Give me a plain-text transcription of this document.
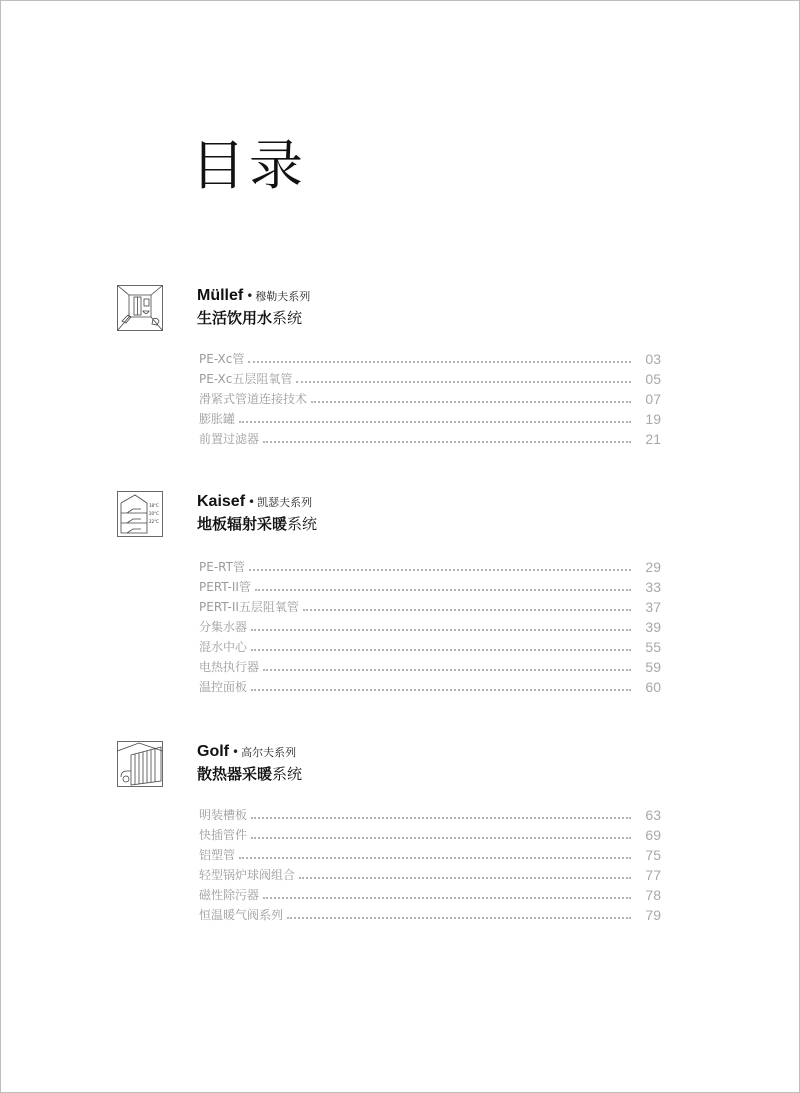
目录
Müllef • 穆勒夫系列
生活饮用水系统
PE-Xc管	03
PE-Xc五层阻氧管	05
滑紧式管道连接技术	07
膨胀罐	19
前置过滤器	21
18°C
20°C
22°C
Kaisef • 凯瑟夫系列
地板辐射采暖系统
PE-RT管	29
PERT-II管	33
PERT-II五层阻氧管	37
分集水器	39
混水中心	55
电热执行器	59
温控面板	60
Golf • 高尔夫系列
散热器采暖系统
明装槽板	63
快插管件	69
铝塑管	75
轻型锅炉球阀组合	77
磁性除污器	78
恒温暖气阀系列	79
